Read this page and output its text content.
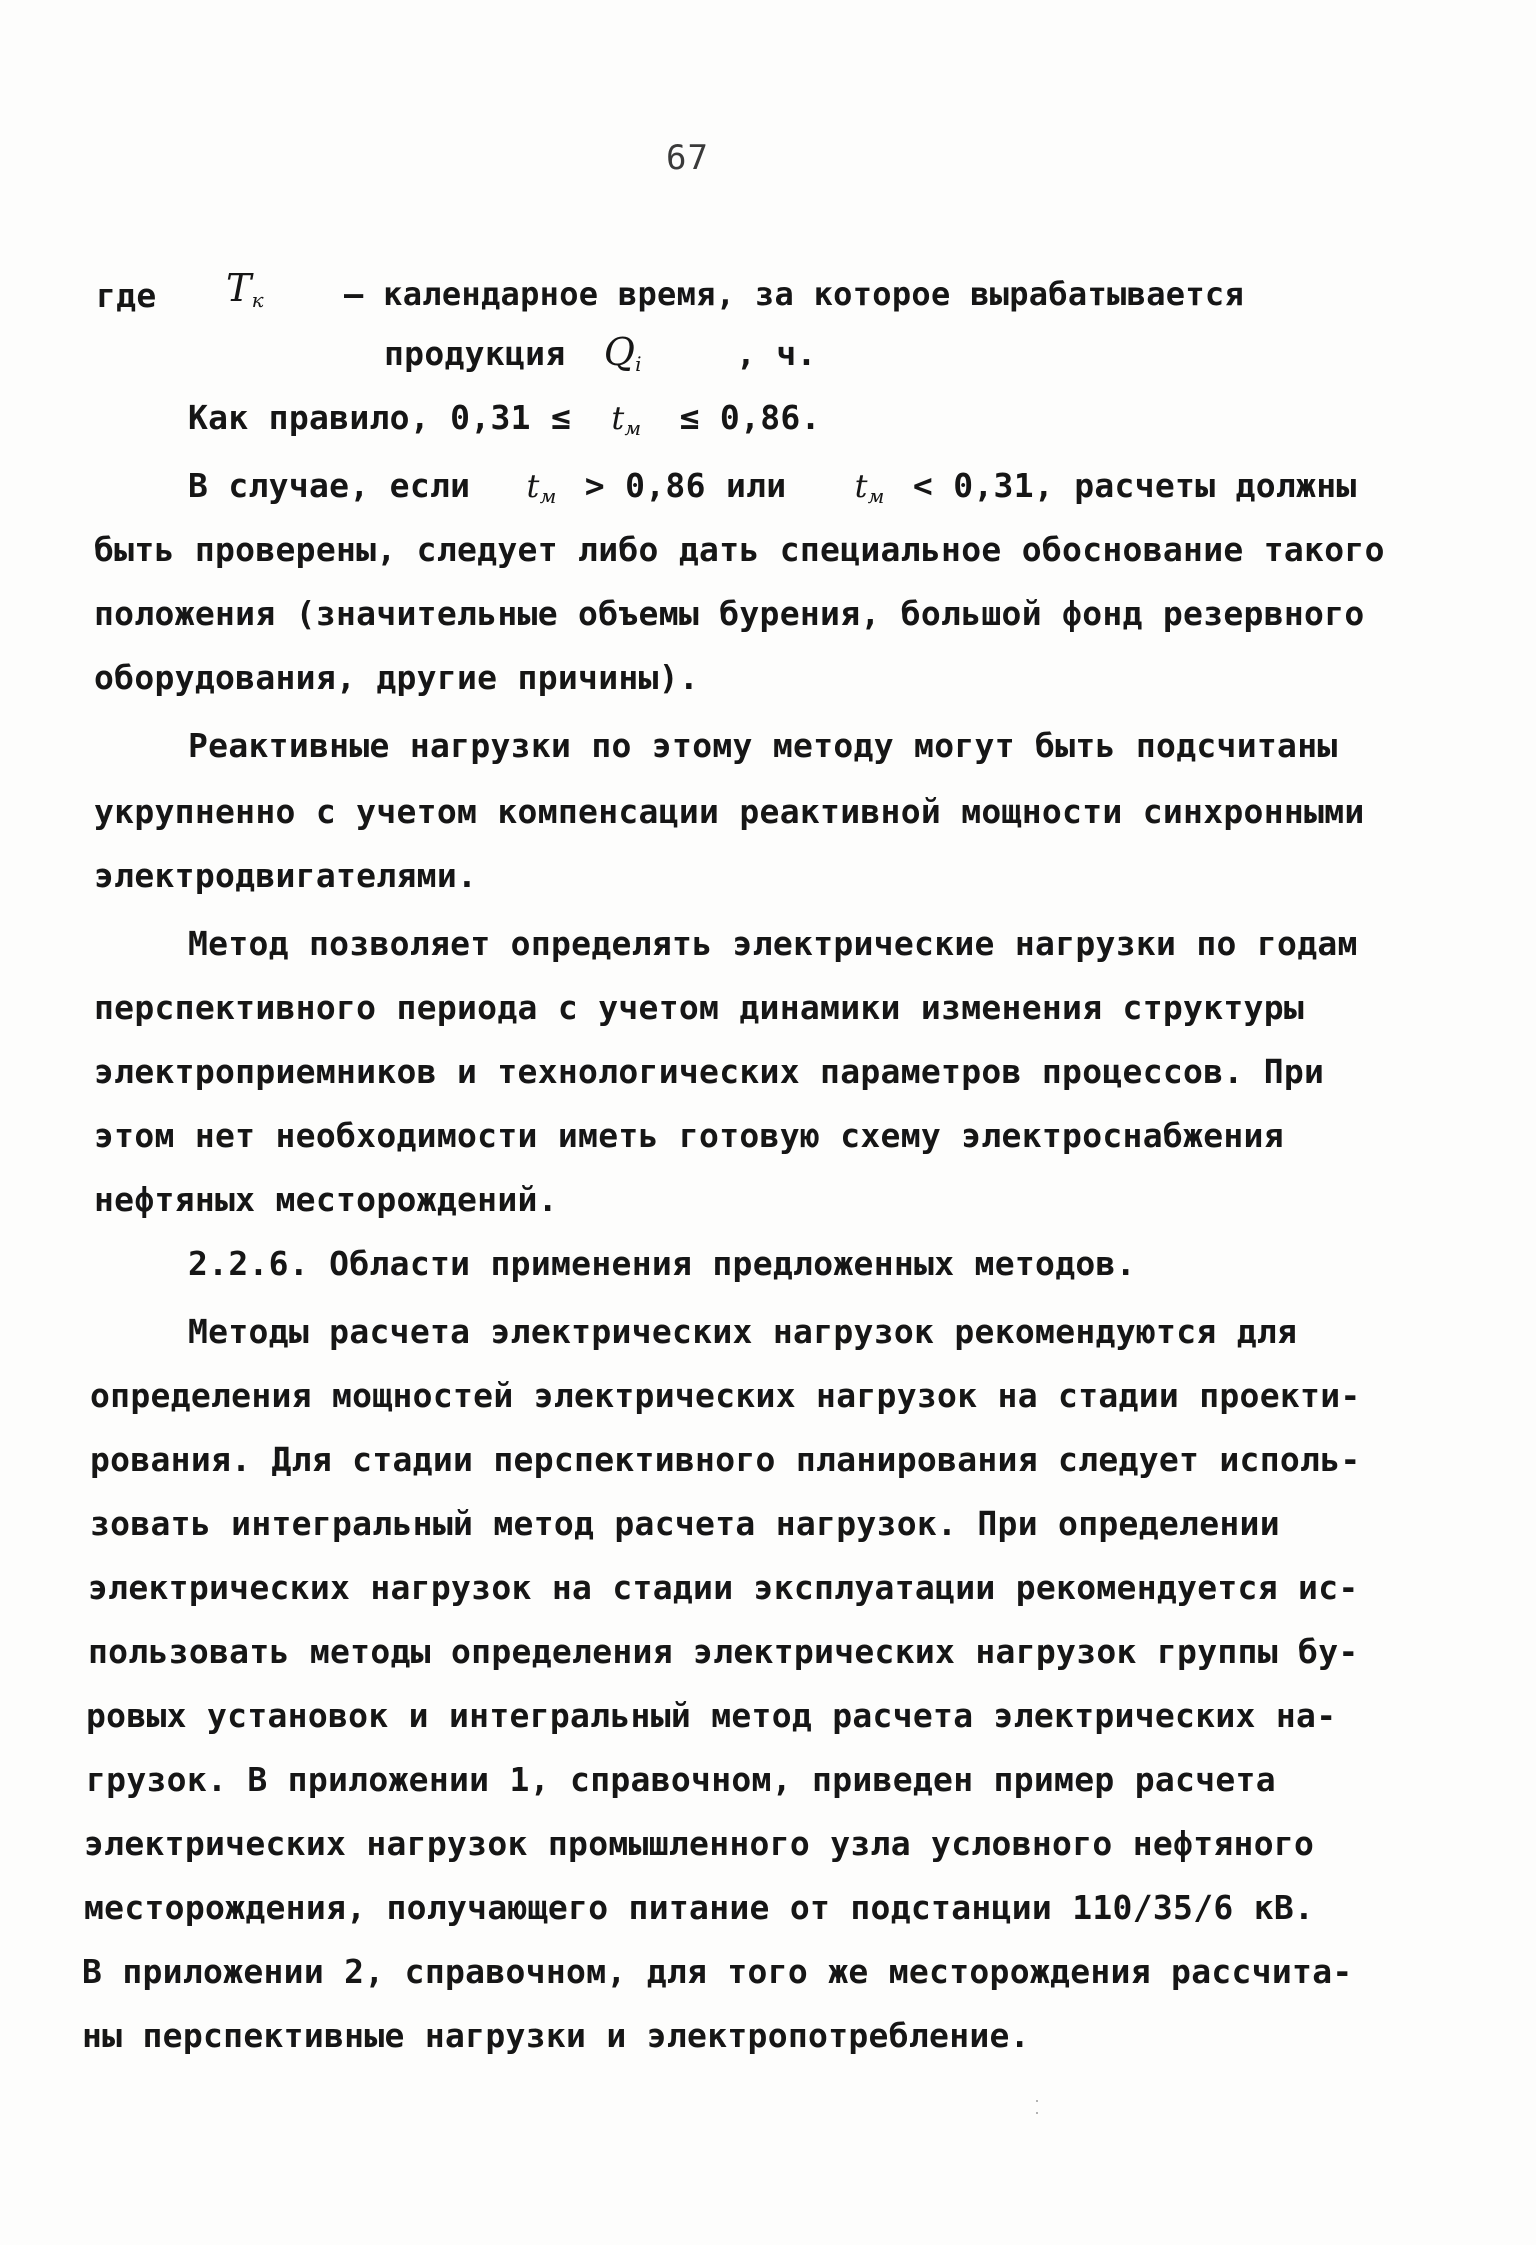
67
где $T_к$	– календарное время, за которое вырабатывается
продукция $Q_i$	, ч.
Как правило, $0,31 \le t_м \le 0,86$.
В случае, если $t_м > 0,86$ или $t_м < 0,31$, расчеты должны
быть проверены, следует либо дать специальное обоснование такого
положения (значительные объемы бурения, большой фонд резервного
оборудования, другие причины).
Реактивные нагрузки по этому методу могут быть подсчитаны
укрупненно с учетом компенсации реактивной мощности синхронными
электродвигателями.
Метод позволяет определять электрические нагрузки по годам
перспективного периода с учетом динамики изменения структуры
электроприемников и технологических параметров процессов. При
этом нет необходимости иметь готовую схему электроснабжения
нефтяных месторождений.
2.2.6. Области применения предложенных методов.
Методы расчета электрических нагрузок рекомендуются для
определения мощностей электрических нагрузок на стадии проекти-
рования. Для стадии перспективного планирования следует исполь-
зовать интегральный метод расчета нагрузок. При определении
электрических нагрузок на стадии эксплуатации рекомендуется ис-
пользовать методы определения электрических нагрузок группы бу-
ровых установок и интегральный метод расчета электрических на-
грузок. В приложении 1, справочном, приведен пример расчета
электрических нагрузок промышленного узла условного нефтяного
месторождения, получающего питание от подстанции 110/35/6 кВ.
В приложении 2, справочном, для того же месторождения рассчита-
ны перспективные нагрузки и электропотребление.
